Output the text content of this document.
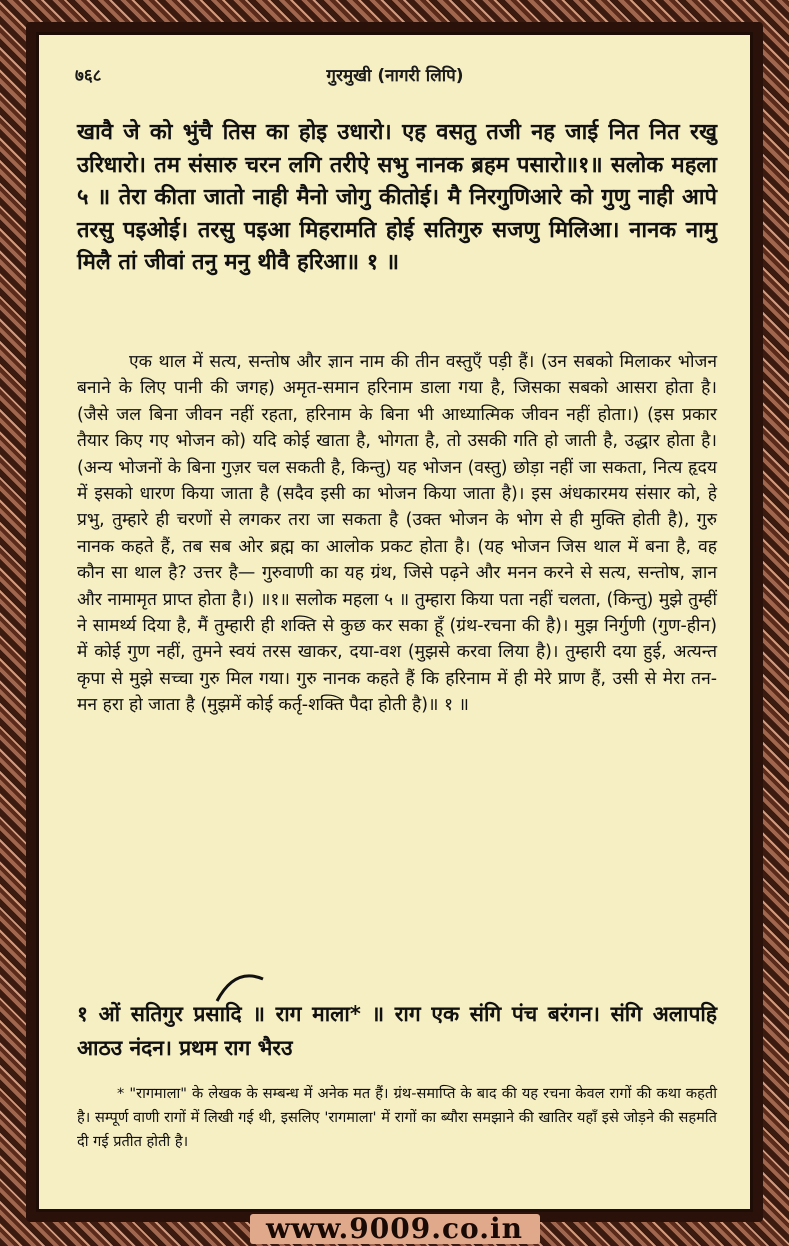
गुरमुखी (नागरी लिपि)
७६८
खावै जे को भुंचै तिस का होइ उधारो। एह वसतु तजी नह जाई नित नित रखु उरिधारो। तम संसारु चरन लगि तरीऐ सभु नानक ब्रहम पसारो॥१॥ सलोक महला ५ ॥ तेरा कीता जातो नाही मैनो जोगु कीतोई। मै निरगुणिआरे को गुणु नाही आपे तरसु पइओई। तरसु पइआ मिहरामति होई सतिगुरु सजणु मिलिआ। नानक नामु मिलै तां जीवां तनु मनु थीवै हरिआ॥ १ ॥

एक थाल में सत्य, सन्तोष और ज्ञान नाम की तीन वस्तुएँ पड़ी हैं। (उन सबको मिलाकर भोजन बनाने के लिए पानी की जगह) अमृत-समान हरिनाम डाला गया है, जिसका सबको आसरा होता है। (जैसे जल बिना जीवन नहीं रहता, हरिनाम के बिना भी आध्यात्मिक जीवन नहीं होता।) (इस प्रकार तैयार किए गए भोजन को) यदि कोई खाता है, भोगता है, तो उसकी गति हो जाती है, उद्धार होता है। (अन्य भोजनों के बिना गुज़र चल सकती है, किन्तु) यह भोजन (वस्तु) छोड़ा नहीं जा सकता, नित्य हृदय में इसको धारण किया जाता है (सदैव इसी का भोजन किया जाता है)। इस अंधकारमय संसार को, हे प्रभु, तुम्हारे ही चरणों से लगकर तरा जा सकता है (उक्त भोजन के भोग से ही मुक्ति होती है), गुरु नानक कहते हैं, तब सब ओर ब्रह्म का आलोक प्रकट होता है। (यह भोजन जिस थाल में बना है, वह कौन सा थाल है? उत्तर है— गुरुवाणी का यह ग्रंथ, जिसे पढ़ने और मनन करने से सत्य, सन्तोष, ज्ञान और नामामृत प्राप्त होता है।) ॥१॥ सलोक महला ५ ॥ तुम्हारा किया पता नहीं चलता, (किन्तु) मुझे तुम्हीं ने सामर्थ्य दिया है, मैं तुम्हारी ही शक्ति से कुछ कर सका हूँ (ग्रंथ-रचना की है)। मुझ निर्गुणी (गुण-हीन) में कोई गुण नहीं, तुमने स्वयं तरस खाकर, दया-वश (मुझसे करवा लिया है)। तुम्हारी दया हुई, अत्यन्त कृपा से मुझे सच्चा गुरु मिल गया। गुरु नानक कहते हैं कि हरिनाम में ही मेरे प्राण हैं, उसी से मेरा तन-मन हरा हो जाता है (मुझमें कोई कर्तृ-शक्ति पैदा होती है)॥ १ ॥

१ ओं सतिगुर प्रसादि ॥ राग माला* ॥ राग एक संगि पंच बरंगन। संगि अलापहि आठउ नंदन। प्रथम राग भैरउ

* "रागमाला" के लेखक के सम्बन्ध में अनेक मत हैं। ग्रंथ-समाप्ति के बाद की यह रचना केवल रागों की कथा कहती है। सम्पूर्ण वाणी रागों में लिखी गई थी, इसलिए 'रागमाला' में रागों का ब्यौरा समझाने की खातिर यहाँ इसे जोड़ने की सहमति दी गई प्रतीत होती है।

www.9009.co.in
